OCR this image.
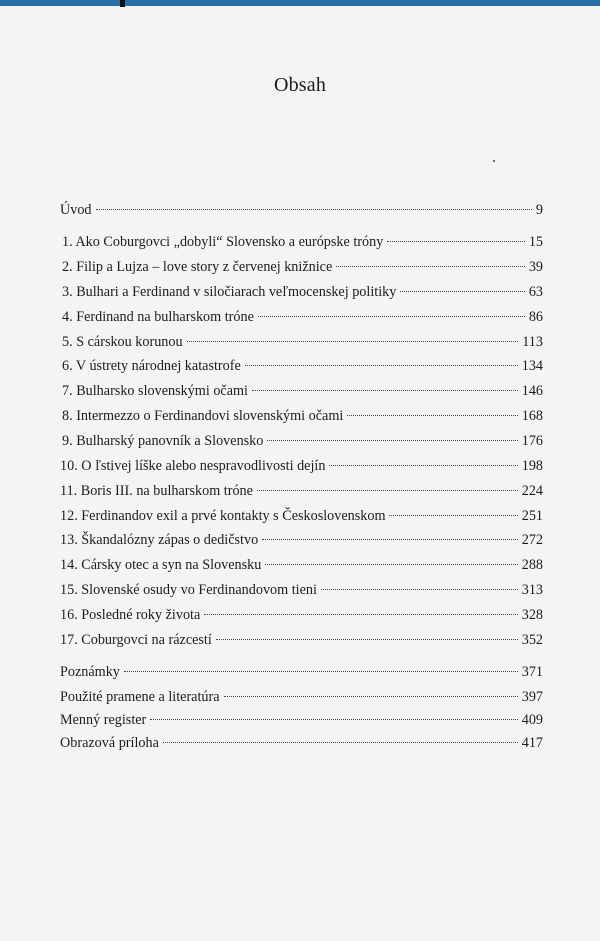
Obsah
Úvod	9
1. Ako Coburgovci „dobyli“ Slovensko a európske tróny	15
2. Filip a Lujza – love story z červenej knižnice	39
3. Bulhari a Ferdinand v siločiarach veľmocenskej politiky	63
4. Ferdinand na bulharskom tróne	86
5. S cárskou korunou	113
6. V ústrety národnej katastrofe	134
7. Bulharsko slovenskými očami	146
8. Intermezzo o Ferdinandovi slovenskými očami	168
9. Bulharský panovník a Slovensko	176
10. O ľstivej líške alebo nespravodlivosti dejín	198
11. Boris III. na bulharskom tróne	224
12. Ferdinandov exil a prvé kontakty s Československom	251
13. Škandalózny zápas o dedičstvo	272
14. Cársky otec a syn na Slovensku	288
15. Slovenské osudy vo Ferdinandovom tieni	313
16. Posledné roky života	328
17. Coburgovci na rázcestí	352
Poznámky	371
Použité pramene a literatúra	397
Menný register	409
Obrazová príloha	417
